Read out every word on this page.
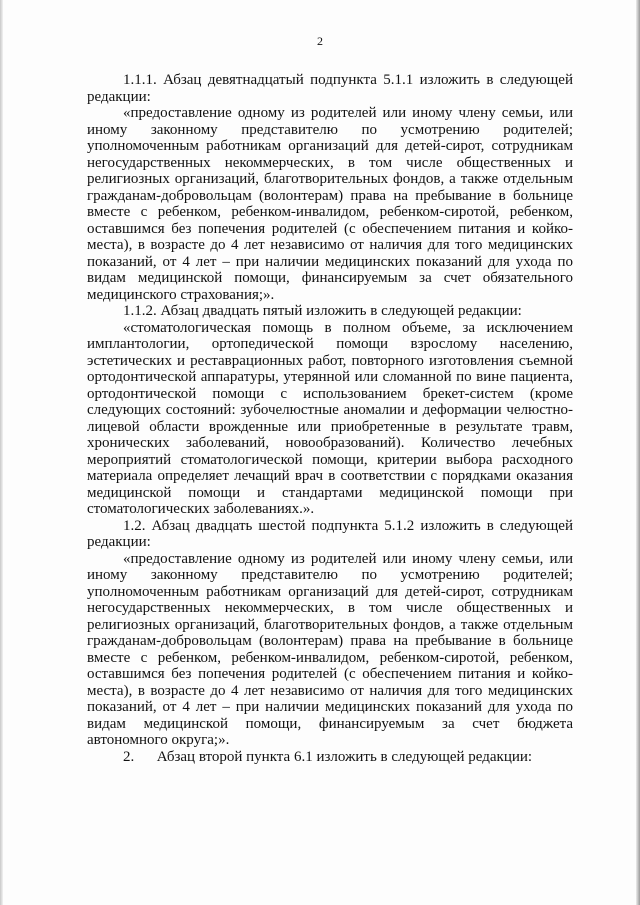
2

1.1.1. Абзац девятнадцатый подпункта 5.1.1 изложить в следующей редакции:

«предоставление одному из родителей или иному члену семьи, или иному законному представителю по усмотрению родителей; уполномоченным работникам организаций для детей-сирот, сотрудникам негосударственных некоммерческих, в том числе общественных и религиозных организаций, благотворительных фондов, а также отдельным гражданам-добровольцам (волонтерам) права на пребывание в больнице вместе с ребенком, ребенком-инвалидом, ребенком-сиротой, ребенком, оставшимся без попечения родителей (с обеспечением питания и койко-места), в возрасте до 4 лет независимо от наличия для того медицинских показаний, от 4 лет – при наличии медицинских показаний для ухода по видам медицинской помощи, финансируемым за счет обязательного медицинского страхования;».

1.1.2. Абзац двадцать пятый изложить в следующей редакции:

«стоматологическая помощь в полном объеме, за исключением имплантологии, ортопедической помощи взрослому населению, эстетических и реставрационных работ, повторного изготовления съемной ортодонтической аппаратуры, утерянной или сломанной по вине пациента, ортодонтической помощи с использованием брекет-систем (кроме следующих состояний: зубочелюстные аномалии и деформации челюстно-лицевой области врожденные или приобретенные в результате травм, хронических заболеваний, новообразований). Количество лечебных мероприятий стоматологической помощи, критерии выбора расходного материала определяет лечащий врач в соответствии с порядками оказания медицинской помощи и стандартами медицинской помощи при стоматологических заболеваниях.».

1.2. Абзац двадцать шестой подпункта 5.1.2 изложить в следующей редакции:

«предоставление одному из родителей или иному члену семьи, или иному законному представителю по усмотрению родителей; уполномоченным работникам организаций для детей-сирот, сотрудникам негосударственных некоммерческих, в том числе общественных и религиозных организаций, благотворительных фондов, а также отдельным гражданам-добровольцам (волонтерам) права на пребывание в больнице вместе с ребенком, ребенком-инвалидом, ребенком-сиротой, ребенком, оставшимся без попечения родителей (с обеспечением питания и койко-места), в возрасте до 4 лет независимо от наличия для того медицинских показаний, от 4 лет – при наличии медицинских показаний для ухода по видам медицинской помощи, финансируемым за счет бюджета автономного округа;».

2.      Абзац второй пункта 6.1 изложить в следующей редакции:
